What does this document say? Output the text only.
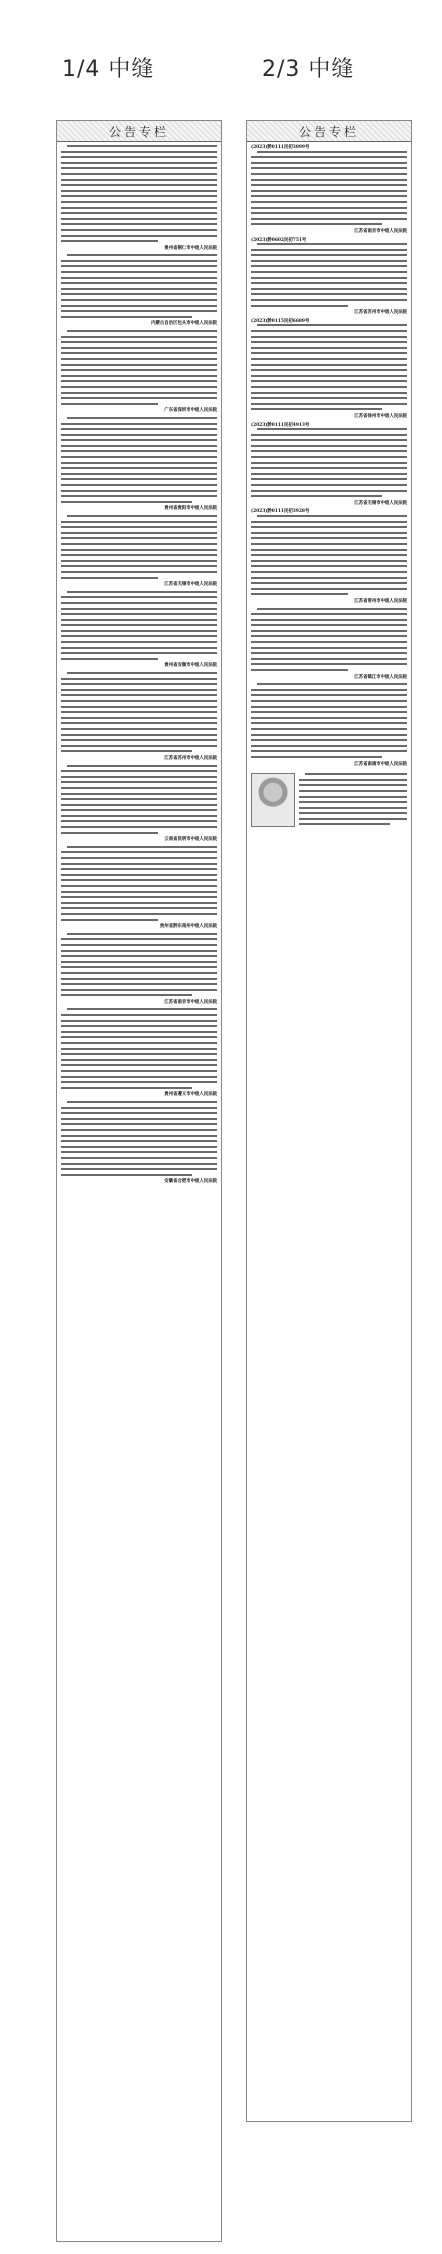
1/4 中缝	2/3 中缝
公告专栏
贵州省铜仁市中级人民法院
内蒙古自治区包头市中级人民法院
广东省深圳市中级人民法院
贵州省贵阳市中级人民法院
江苏省无锡市中级人民法院
贵州省安顺市中级人民法院
江苏省苏州市中级人民法院
云南省昆明市中级人民法院
贵州省黔东南州中级人民法院
江苏省南京市中级人民法院
贵州省遵义市中级人民法院
安徽省合肥市中级人民法院
公告专栏
(2023)黔0111民初3899号
江苏省南京市中级人民法院
(2023)黔0602民初751号
江苏省苏州市中级人民法院
(2023)黔0115民初6689号
江苏省徐州市中级人民法院
(2023)黔0111民初4913号
江苏省无锡市中级人民法院
(2023)黔0111民初3928号
江苏省常州市中级人民法院
江苏省镇江市中级人民法院
江苏省南通市中级人民法院
